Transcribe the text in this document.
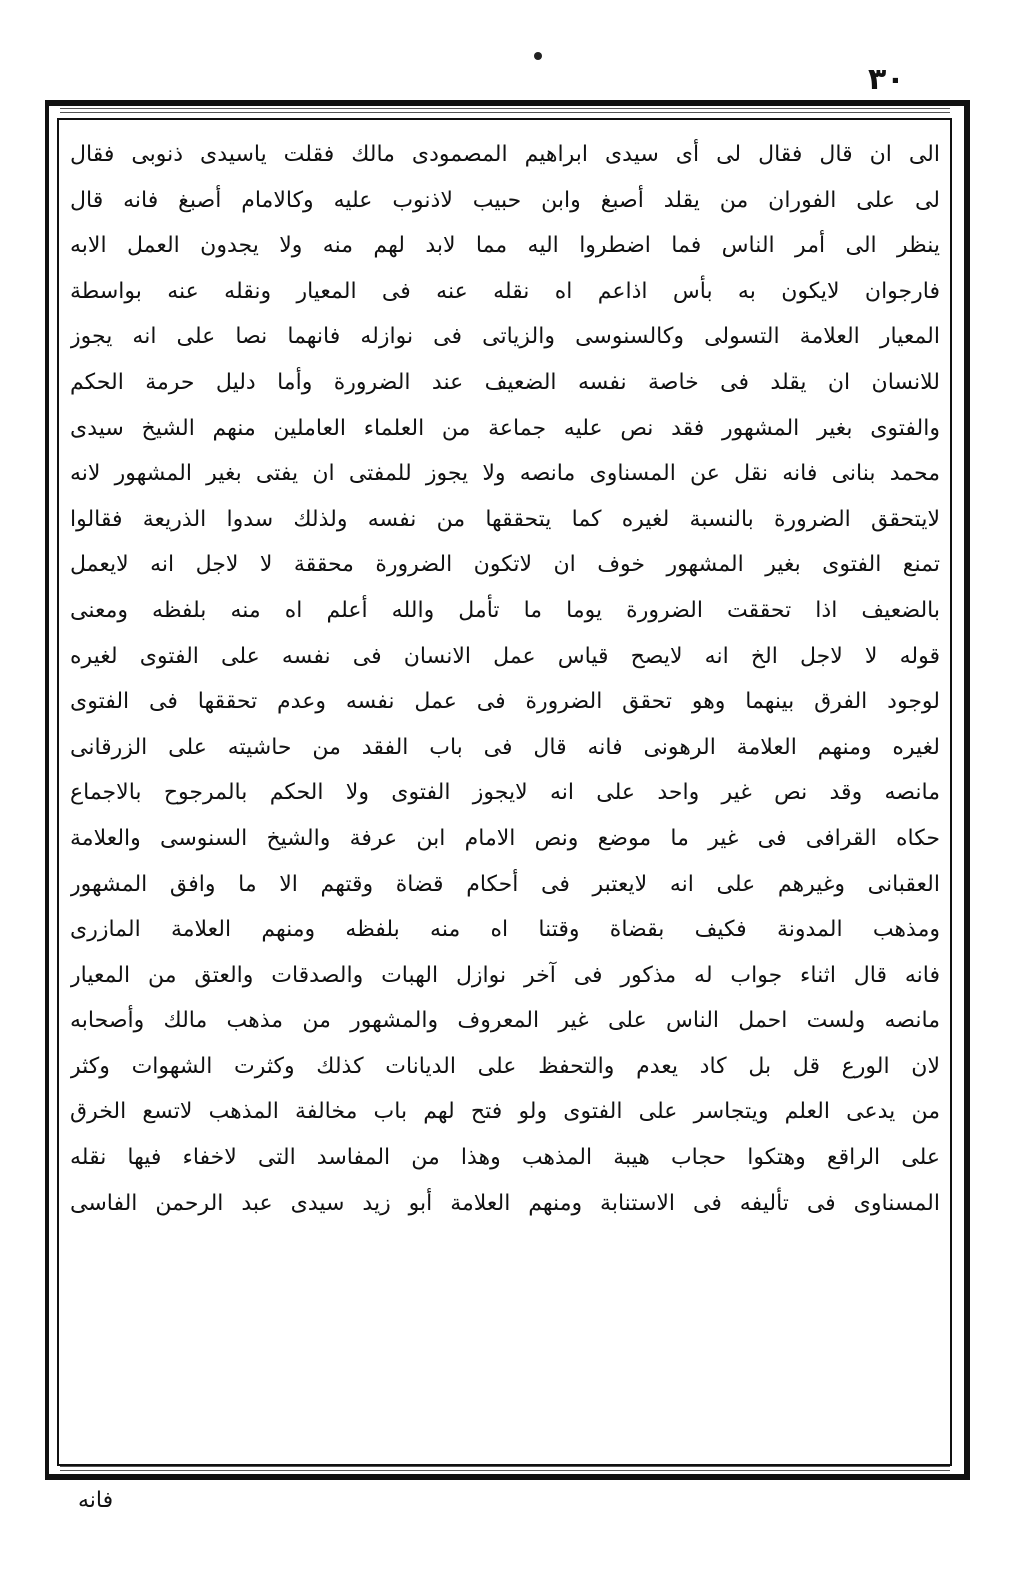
٣٠
الى ان قال فقال لى أى سيدى ابراهيم المصمودى مالك فقلت ياسيدى ذنوبى فقال
لى على الفوران من يقلد أصبغ وابن حبيب لاذنوب عليه وكالامام أصبغ فانه قال
ينظر الى أمر الناس فما اضطروا اليه مما لابد لهم منه ولا يجدون العمل الابه
فارجوان لايكون به بأس اذاعم اه نقله عنه فى المعيار ونقله عنه بواسطة
المعيار العلامة التسولى وكالسنوسى والزياتى فى نوازله فانهما نصا على انه يجوز
للانسان ان يقلد فى خاصة نفسه الضعيف عند الضرورة وأما دليل حرمة الحكم
والفتوى بغير المشهور فقد نص عليه جماعة من العلماء العاملين منهم الشيخ سيدى
محمد بنانى فانه نقل عن المسناوى مانصه ولا يجوز للمفتى ان يفتى بغير المشهور لانه
لايتحقق الضرورة بالنسبة لغيره كما يتحققها من نفسه ولذلك سدوا الذريعة فقالوا
تمنع الفتوى بغير المشهور خوف ان لاتكون الضرورة محققة لا لاجل انه لايعمل
بالضعيف اذا تحققت الضرورة يوما ما تأمل والله أعلم اه منه بلفظه ومعنى
قوله لا لاجل الخ انه لايصح قياس عمل الانسان فى نفسه على الفتوى لغيره
لوجود الفرق بينهما وهو تحقق الضرورة فى عمل نفسه وعدم تحققها فى الفتوى
لغيره ومنهم العلامة الرهونى فانه قال فى باب الفقد من حاشيته على الزرقانى
مانصه وقد نص غير واحد على انه لايجوز الفتوى ولا الحكم بالمرجوح بالاجماع
حكاه القرافى فى غير ما موضع ونص الامام ابن عرفة والشيخ السنوسى والعلامة
العقبانى وغيرهم على انه لايعتبر فى أحكام قضاة وقتهم الا ما وافق المشهور
ومذهب المدونة فكيف بقضاة وقتنا اه منه بلفظه ومنهم العلامة المازرى
فانه قال اثناء جواب له مذكور فى آخر نوازل الهبات والصدقات والعتق من المعيار
مانصه ولست احمل الناس على غير المعروف والمشهور من مذهب مالك وأصحابه
لان الورع قل بل كاد يعدم والتحفظ على الديانات كذلك وكثرت الشهوات وكثر
من يدعى العلم ويتجاسر على الفتوى ولو فتح لهم باب مخالفة المذهب لاتسع الخرق
على الراقع وهتكوا حجاب هيبة المذهب وهذا من المفاسد التى لاخفاء فيها نقله
المسناوى فى تأليفه فى الاستنابة ومنهم العلامة أبو زيد سيدى عبد الرحمن الفاسى
فانه
